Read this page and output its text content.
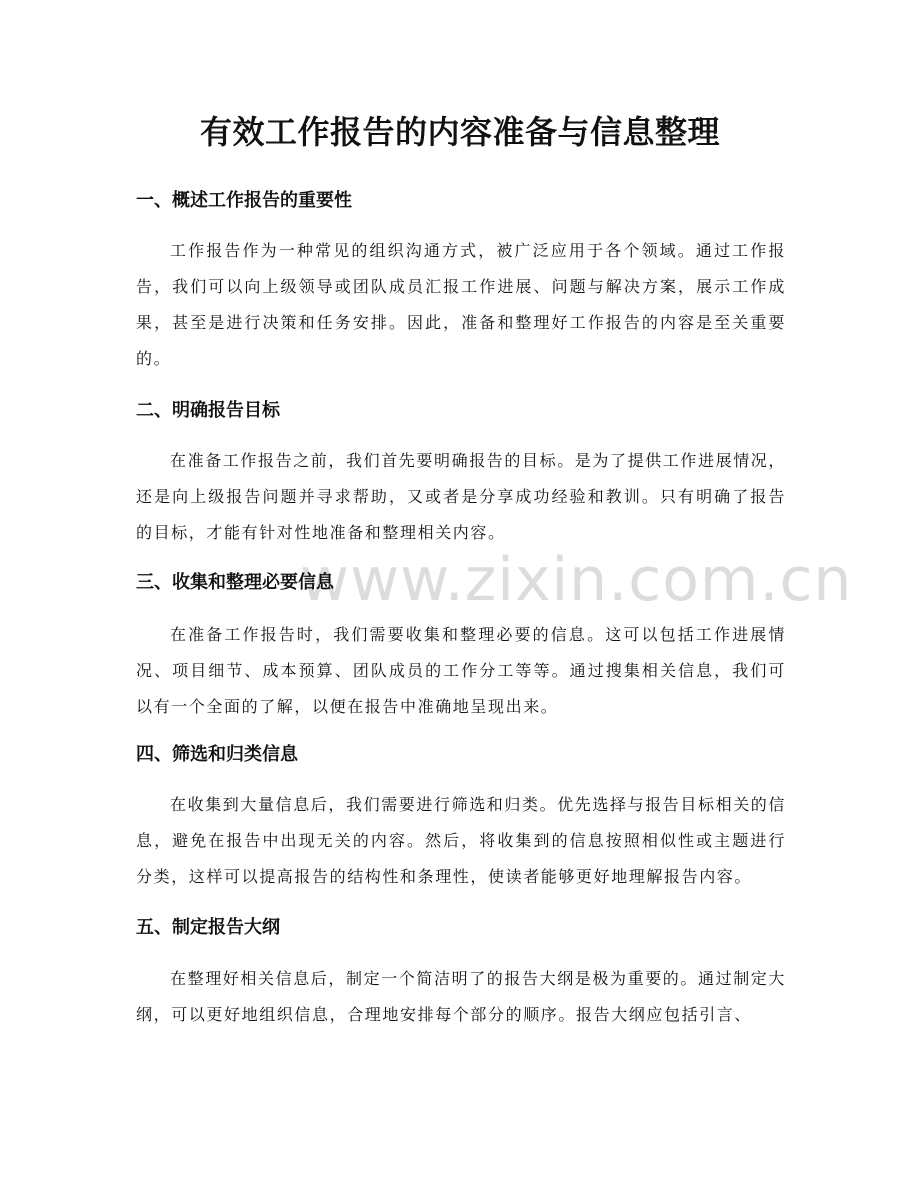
www.zixin.com.cn
有效工作报告的内容准备与信息整理
一、概述工作报告的重要性

工作报告作为一种常见的组织沟通方式，被广泛应用于各个领域。通过工作报告，我们可以向上级领导或团队成员汇报工作进展、问题与解决方案，展示工作成果，甚至是进行决策和任务安排。因此，准备和整理好工作报告的内容是至关重要的。

二、明确报告目标

在准备工作报告之前，我们首先要明确报告的目标。是为了提供工作进展情况，还是向上级报告问题并寻求帮助，又或者是分享成功经验和教训。只有明确了报告的目标，才能有针对性地准备和整理相关内容。

三、收集和整理必要信息

在准备工作报告时，我们需要收集和整理必要的信息。这可以包括工作进展情况、项目细节、成本预算、团队成员的工作分工等等。通过搜集相关信息，我们可以有一个全面的了解，以便在报告中准确地呈现出来。

四、筛选和归类信息

在收集到大量信息后，我们需要进行筛选和归类。优先选择与报告目标相关的信息，避免在报告中出现无关的内容。然后，将收集到的信息按照相似性或主题进行分类，这样可以提高报告的结构性和条理性，使读者能够更好地理解报告内容。

五、制定报告大纲

在整理好相关信息后，制定一个简洁明了的报告大纲是极为重要的。通过制定大纲，可以更好地组织信息，合理地安排每个部分的顺序。报告大纲应包括引言、
